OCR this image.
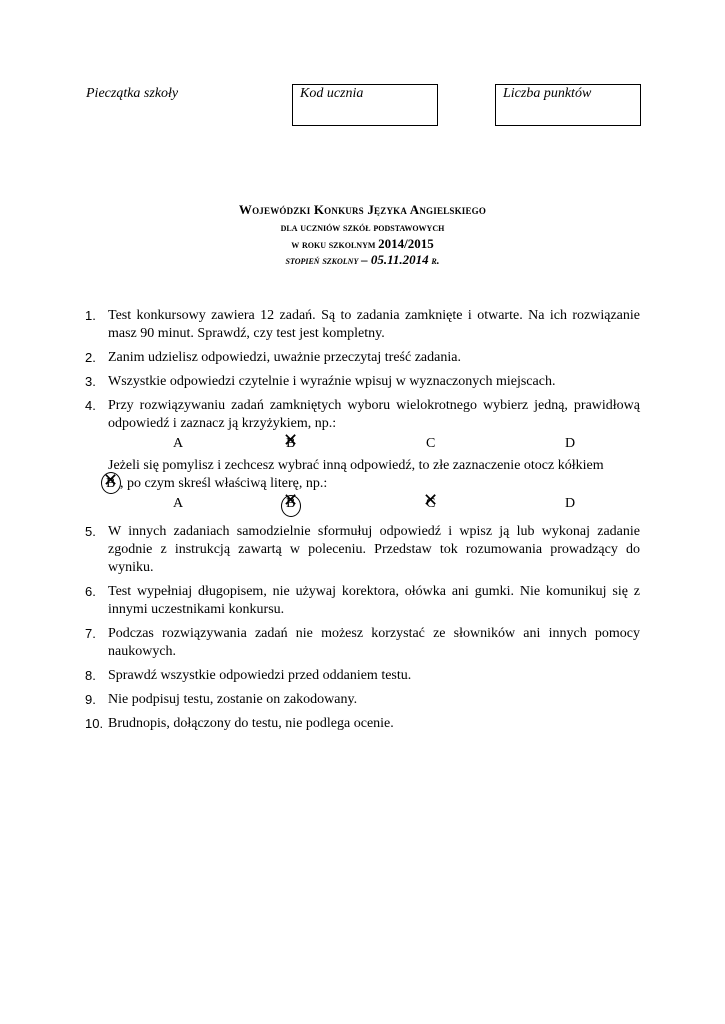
Pieczątka szkoły	Kod ucznia	Liczba punktów
Wojewódzki Konkurs Języka Angielskiego
dla uczniów szkół podstawowych
w roku szkolnym 2014/2015
stopień szkolny – 05.11.2014 r.
1. Test konkursowy zawiera 12 zadań. Są to zadania zamknięte i otwarte. Na ich rozwiązanie masz 90 minut. Sprawdź, czy test jest kompletny.
2. Zanim udzielisz odpowiedzi, uważnie przeczytaj treść zadania.
3. Wszystkie odpowiedzi czytelnie i wyraźnie wpisuj w wyznaczonych miejscach.
4. Przy rozwiązywaniu zadań zamkniętych wyboru wielokrotnego wybierz jedną, prawidłową odpowiedź i zaznacz ją krzyżykiem, np.:
A	B	C	D
Jeżeli się pomylisz i zechcesz wybrać inną odpowiedź, to złe zaznaczenie otocz kółkiem

B ✕ , po czym skreśl właściwą literę, np.:
A	B	C	D
5. W innych zadaniach samodzielnie sformułuj odpowiedź i wpisz ją lub wykonaj zadanie zgodnie z instrukcją zawartą w poleceniu. Przedstaw tok rozumowania prowadzący do wyniku.
6. Test wypełniaj długopisem, nie używaj korektora, ołówka ani gumki. Nie komunikuj się z innymi uczestnikami konkursu.
7. Podczas rozwiązywania zadań nie możesz korzystać ze słowników ani innych pomocy naukowych.
8. Sprawdź wszystkie odpowiedzi przed oddaniem testu.
9. Nie podpisuj testu, zostanie on zakodowany.
10. Brudnopis, dołączony do testu, nie podlega ocenie.
